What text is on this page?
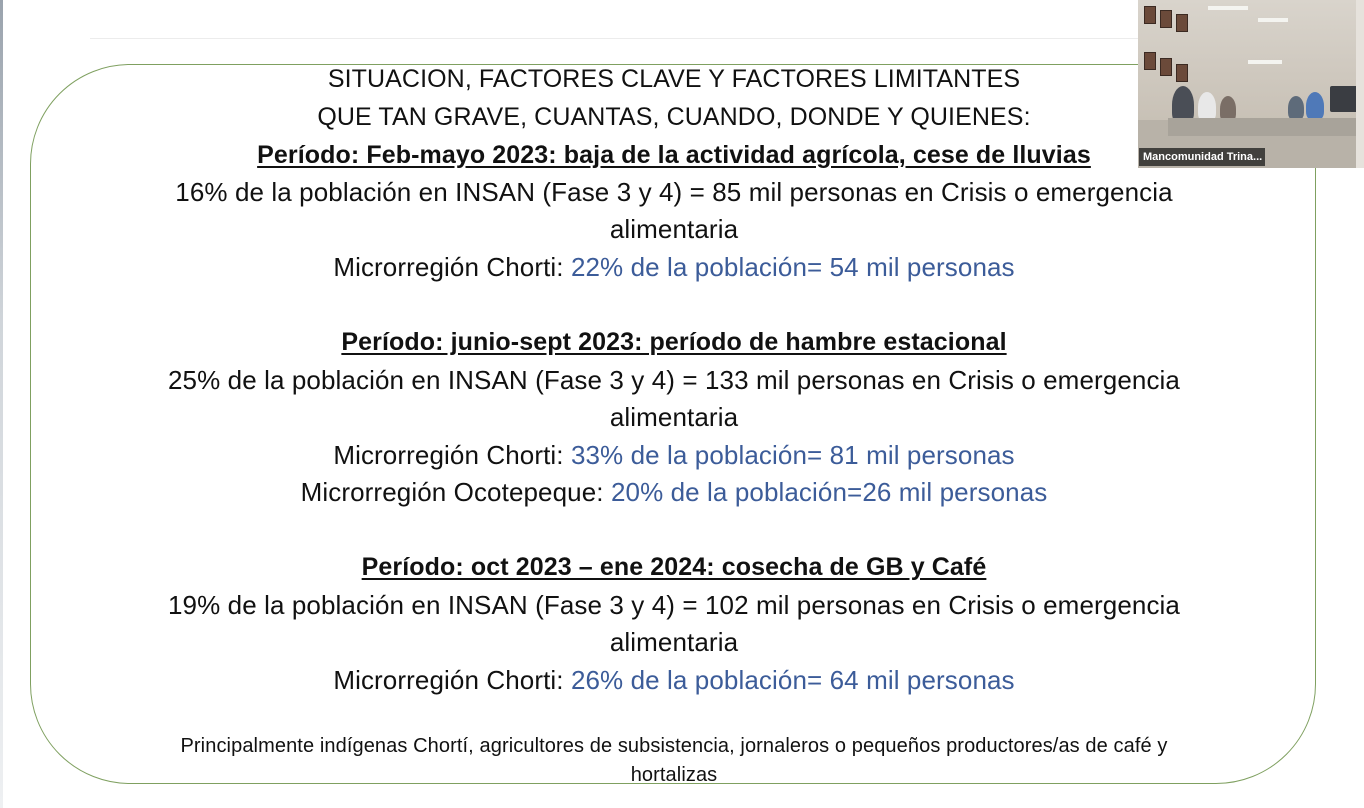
SITUACION, FACTORES CLAVE Y FACTORES LIMITANTES
QUE TAN GRAVE, CUANTAS, CUANDO, DONDE Y QUIENES:
Período: Feb-mayo 2023: baja de la actividad agrícola, cese de lluvias
16% de la población en INSAN (Fase 3 y 4) = 85 mil personas en Crisis o emergencia
alimentaria
Microrregión Chorti: 22% de la población= 54 mil personas
Período: junio-sept 2023: período de hambre estacional
25% de la población en INSAN (Fase 3 y 4) = 133 mil personas en Crisis o emergencia
alimentaria
Microrregión Chorti: 33% de la población= 81 mil personas
Microrregión Ocotepeque: 20% de la población=26 mil personas
Período: oct 2023 – ene 2024: cosecha de GB y Café
19% de la población en INSAN (Fase 3 y 4) = 102 mil personas en Crisis o emergencia
alimentaria
Microrregión Chorti: 26% de la población= 64 mil personas
Principalmente indígenas Chortí, agricultores de subsistencia, jornaleros o pequeños productores/as de café y
hortalizas
Mancomunidad Trina...
